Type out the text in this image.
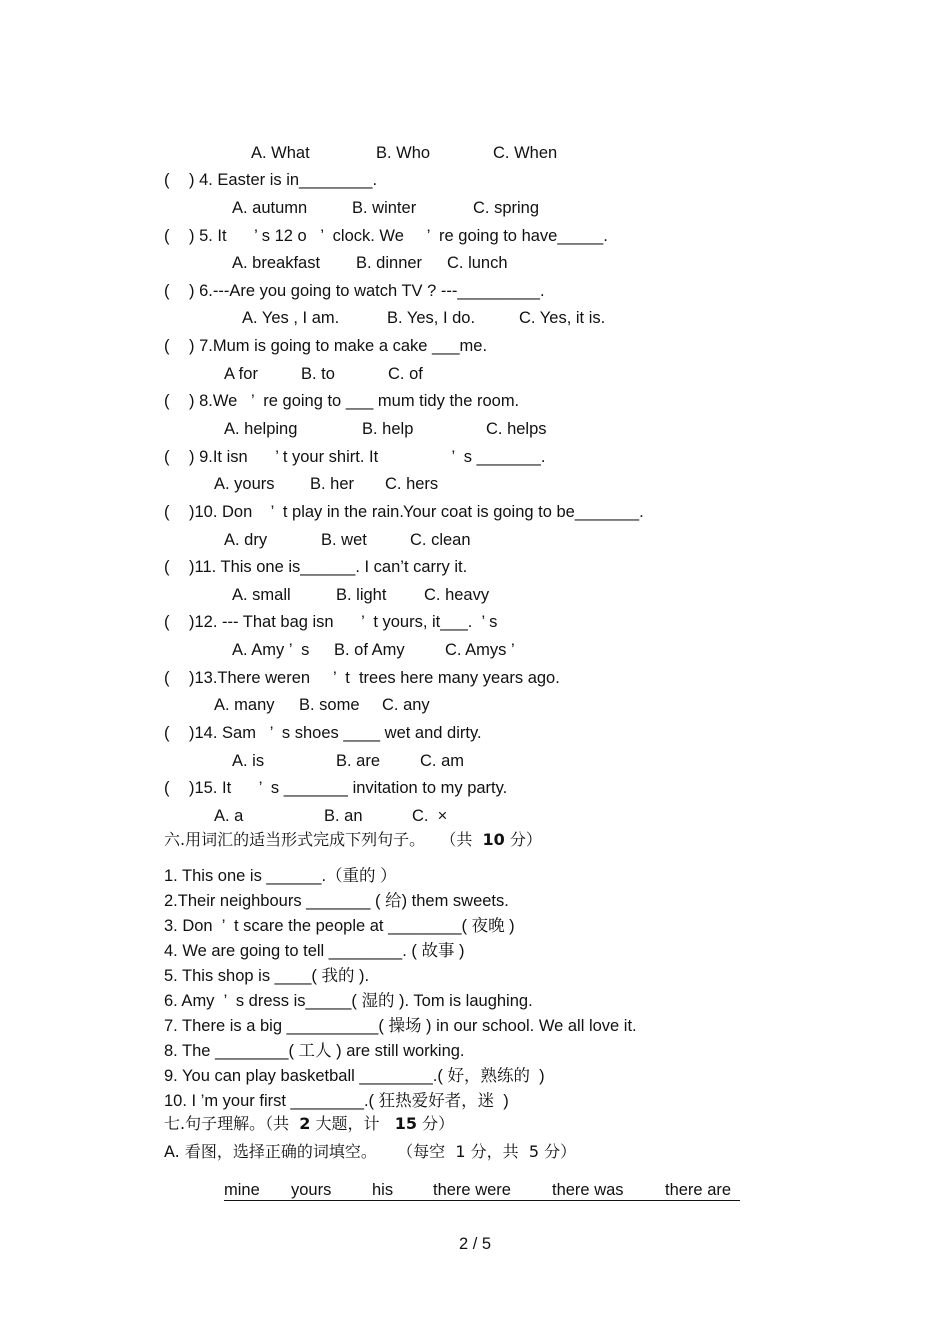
A. What	B. Who	C. When
( ) 4. Easter is in________.
A. autumn	B. winter	C. spring
( ) 5. It      ’ s 12 o   ’  clock. We     ’  re going to have_____.
A. breakfast B. dinner C. lunch
( ) 6.---Are you going to watch TV ? ---_________.
A. Yes , I am.	B. Yes, I do.	C. Yes, it is.
( ) 7.Mum is going to make a cake ___me.
A for	B. to	C. of
( ) 8.We   ’  re going to ___ mum tidy the room.
A. helping	B. help	C. helps
( ) 9.It isn      ’ t your shirt. It                ’  s _______.
A. yours B. her C. hers
( )10. Don    ’  t play in the rain. Your coat is going to be_______.
A. dry	B. wet	C. clean
( )11. This one is______. I can’t carry it.
A. small	B. light C. heavy
( )12. --- That bag isn      ’  t yours, it___.  ’ s
A. Amy ’  s B. of Amy C. Amys ’
( )13.There weren     ’  t  trees here many years ago.
A. many B. some C. any
( )14. Sam   ’  s shoes ____ wet and dirty.
A. is	B. are C. am
( )15. It      ’  s _______ invitation to my party.
A. a	B. an	C.  ×
六.用词汇的适当形式完成下列句子。   （共  10 分）
1. This one is ______.（重的 ）
2.Their neighbours _______ ( 给) them sweets.
3. Don  ’  t scare the people at ________( 夜晚 )
4. We are going to tell ________. ( 故事 )
5. This shop is ____( 我的 ).
6. Amy  ’  s dress is_____( 湿的 ). Tom is laughing.
7. There is a big __________( 操场 ) in our school. We all love it.
8. The ________( 工人 ) are still working.
9. You can play basketball ________.( 好，熟练的  )
10. I ’m your first ________.( 狂热爱好者，迷  )
七.句子理解。（共  2 大题，计   15 分）
A. 看图，选择正确的词填空。    （每空  1 分，共  5 分）
mine yours his there were there was	there are
2 / 5
